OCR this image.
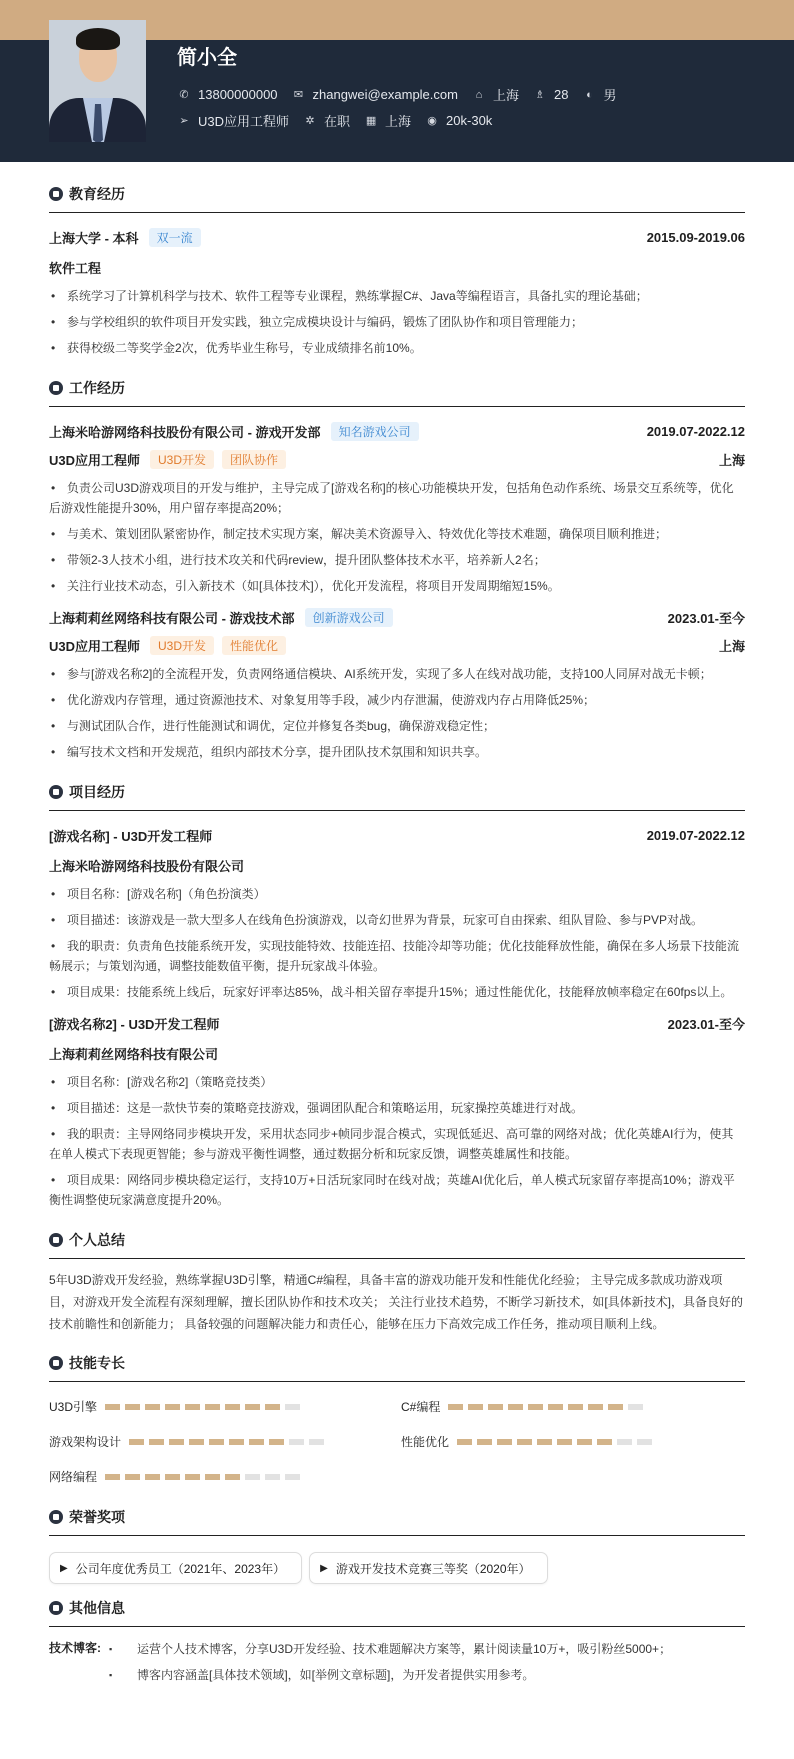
简小全
✆ 13800000000 ✉ zhangwei@example.com	⌂ 上海 ♗ 28	◐ 男
➢ U3D应用工程师 ✲ 在职 ▦ 上海 ◉ 20k-30k
教育经历
上海大学 - 本科	双一流	2015.09-2019.06
软件工程
• 系统学习了计算机科学与技术、软件工程等专业课程，熟练掌握C#、Java等编程语言，具备扎实的理论基础；
• 参与学校组织的软件项目开发实践，独立完成模块设计与编码，锻炼了团队协作和项目管理能力；
• 获得校级二等奖学金2次，优秀毕业生称号，专业成绩排名前10%。
工作经历
上海米哈游网络科技股份有限公司 - 游戏开发部	知名游戏公司	2019.07-2022.12
U3D应用工程师	U3D开发	团队协作	上海
• 负责公司U3D游戏项目的开发与维护，主导完成了[游戏名称]的核心功能模块开发，包括角色动作系统、场景交互系统等，优化后游戏性能提升30%，用户留存率提高20%；
• 与美术、策划团队紧密协作，制定技术实现方案，解决美术资源导入、特效优化等技术难题，确保项目顺利推进；
• 带领2-3人技术小组，进行技术攻关和代码review，提升团队整体技术水平，培养新人2名；
• 关注行业技术动态，引入新技术（如[具体技术]），优化开发流程，将项目开发周期缩短15%。
上海莉莉丝网络科技有限公司 - 游戏技术部	创新游戏公司	2023.01-至今
U3D应用工程师	U3D开发	性能优化	上海
• 参与[游戏名称2]的全流程开发，负责网络通信模块、AI系统开发，实现了多人在线对战功能，支持100人同屏对战无卡顿；
• 优化游戏内存管理，通过资源池技术、对象复用等手段，减少内存泄漏，使游戏内存占用降低25%；
• 与测试团队合作，进行性能测试和调优，定位并修复各类bug，确保游戏稳定性；
• 编写技术文档和开发规范，组织内部技术分享，提升团队技术氛围和知识共享。
项目经历
[游戏名称] - U3D开发工程师	2019.07-2022.12
上海米哈游网络科技股份有限公司
• 项目名称：[游戏名称]（角色扮演类）
• 项目描述：该游戏是一款大型多人在线角色扮演游戏，以奇幻世界为背景，玩家可自由探索、组队冒险、参与PVP对战。
• 我的职责：负责角色技能系统开发，实现技能特效、技能连招、技能冷却等功能；优化技能释放性能，确保在多人场景下技能流畅展示；与策划沟通，调整技能数值平衡，提升玩家战斗体验。
• 项目成果：技能系统上线后，玩家好评率达85%，战斗相关留存率提升15%；通过性能优化，技能释放帧率稳定在60fps以上。
[游戏名称2] - U3D开发工程师	2023.01-至今
上海莉莉丝网络科技有限公司
• 项目名称：[游戏名称2]（策略竞技类）
• 项目描述：这是一款快节奏的策略竞技游戏，强调团队配合和策略运用，玩家操控英雄进行对战。
• 我的职责：主导网络同步模块开发，采用状态同步+帧同步混合模式，实现低延迟、高可靠的网络对战；优化英雄AI行为，使其在单人模式下表现更智能；参与游戏平衡性调整，通过数据分析和玩家反馈，调整英雄属性和技能。
• 项目成果：网络同步模块稳定运行，支持10万+日活玩家同时在线对战；英雄AI优化后，单人模式玩家留存率提高10%；游戏平衡性调整使玩家满意度提升20%。
个人总结

5年U3D游戏开发经验，熟练掌握U3D引擎，精通C#编程，具备丰富的游戏功能开发和性能优化经验； 主导完成多款成功游戏项目，对游戏开发全流程有深刻理解，擅长团队协作和技术攻关； 关注行业技术趋势，不断学习新技术，如[具体新技术]，具备良好的技术前瞻性和创新能力； 具备较强的问题解决能力和责任心，能够在压力下高效完成工作任务，推动项目顺利上线。

技能专长
U3D引擎	C#编程
游戏架构设计	性能优化
网络编程
荣誉奖项
▶ 公司年度优秀员工（2021年、2023年）	▶ 游戏开发技术竞赛三等奖（2020年）
其他信息
技术博客:	▪ 运营个人技术博客，分享U3D开发经验、技术难题解决方案等，累计阅读量10万+，吸引粉丝5000+；
▪ 博客内容涵盖[具体技术领域]，如[举例文章标题]，为开发者提供实用参考。
